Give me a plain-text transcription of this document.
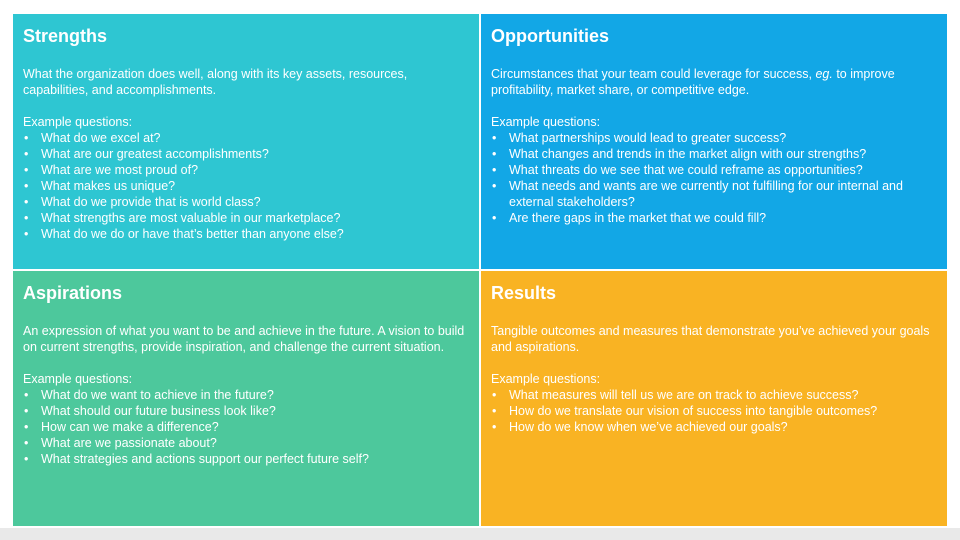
Strengths

What the organization does well, along with its key assets, resources, capabilities, and accomplishments.

Example questions:

• What do we excel at?
• What are our greatest accomplishments?
• What are we most proud of?
• What makes us unique?
• What do we provide that is world class?
• What strengths are most valuable in our marketplace?
• What do we do or have that’s better than anyone else?
Opportunities

Circumstances that your team could leverage for success, eg. to improve profitability, market share, or competitive edge.

Example questions:

• What partnerships would lead to greater success?
• What changes and trends in the market align with our strengths?
• What threats do we see that we could reframe as opportunities?
• What needs and wants are we currently not fulfilling for our internal and external stakeholders?
• Are there gaps in the market that we could fill?
Aspirations

An expression of what you want to be and achieve in the future. A vision to build on current strengths, provide inspiration, and challenge the current situation.

Example questions:

• What do we want to achieve in the future?
• What should our future business look like?
• How can we make a difference?
• What are we passionate about?
• What strategies and actions support our perfect future self?
Results

Tangible outcomes and measures that demonstrate you’ve achieved your goals and aspirations.

Example questions:

• What measures will tell us we are on track to achieve success?
• How do we translate our vision of success into tangible outcomes?
• How do we know when we’ve achieved our goals?
